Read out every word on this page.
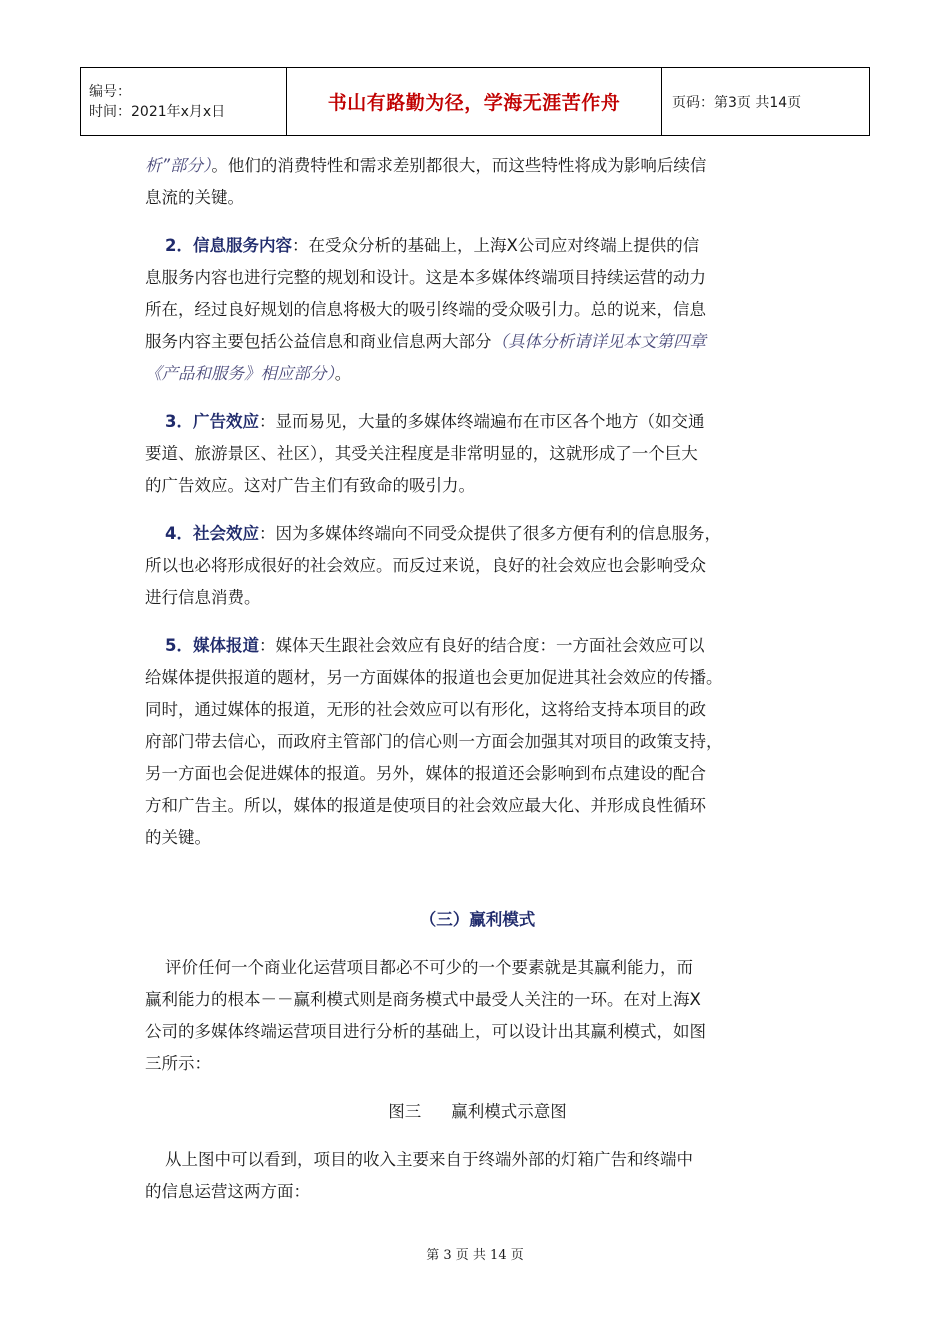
编号：
时间：2021年x月x日	书山有路勤为径，学海无涯苦作舟	页码：第3页 共14页
析”部分）。他们的消费特性和需求差别都很大，而这些特性将成为影响后续信
息流的关键。
2．信息服务内容：在受众分析的基础上，上海X公司应对终端上提供的信
息服务内容也进行完整的规划和设计。这是本多媒体终端项目持续运营的动力
所在，经过良好规划的信息将极大的吸引终端的受众吸引力。总的说来，信息
服务内容主要包括公益信息和商业信息两大部分（具体分析请详见本文第四章
《产品和服务》相应部分）。
3．广告效应：显而易见，大量的多媒体终端遍布在市区各个地方（如交通
要道、旅游景区、社区），其受关注程度是非常明显的，这就形成了一个巨大
的广告效应。这对广告主们有致命的吸引力。
4．社会效应：因为多媒体终端向不同受众提供了很多方便有利的信息服务，
所以也必将形成很好的社会效应。而反过来说，良好的社会效应也会影响受众
进行信息消费。
5．媒体报道：媒体天生跟社会效应有良好的结合度：一方面社会效应可以
给媒体提供报道的题材，另一方面媒体的报道也会更加促进其社会效应的传播。
同时，通过媒体的报道，无形的社会效应可以有形化，这将给支持本项目的政
府部门带去信心，而政府主管部门的信心则一方面会加强其对项目的政策支持，
另一方面也会促进媒体的报道。另外，媒体的报道还会影响到布点建设的配合
方和广告主。所以，媒体的报道是使项目的社会效应最大化、并形成良性循环
的关键。
（三）赢利模式
评价任何一个商业化运营项目都必不可少的一个要素就是其赢利能力，而
赢利能力的根本－－赢利模式则是商务模式中最受人关注的一环。在对上海X
公司的多媒体终端运营项目进行分析的基础上，可以设计出其赢利模式，如图
三所示：
图三 赢利模式示意图
从上图中可以看到，项目的收入主要来自于终端外部的灯箱广告和终端中
的信息运营这两方面：
第 3 页 共 14 页
